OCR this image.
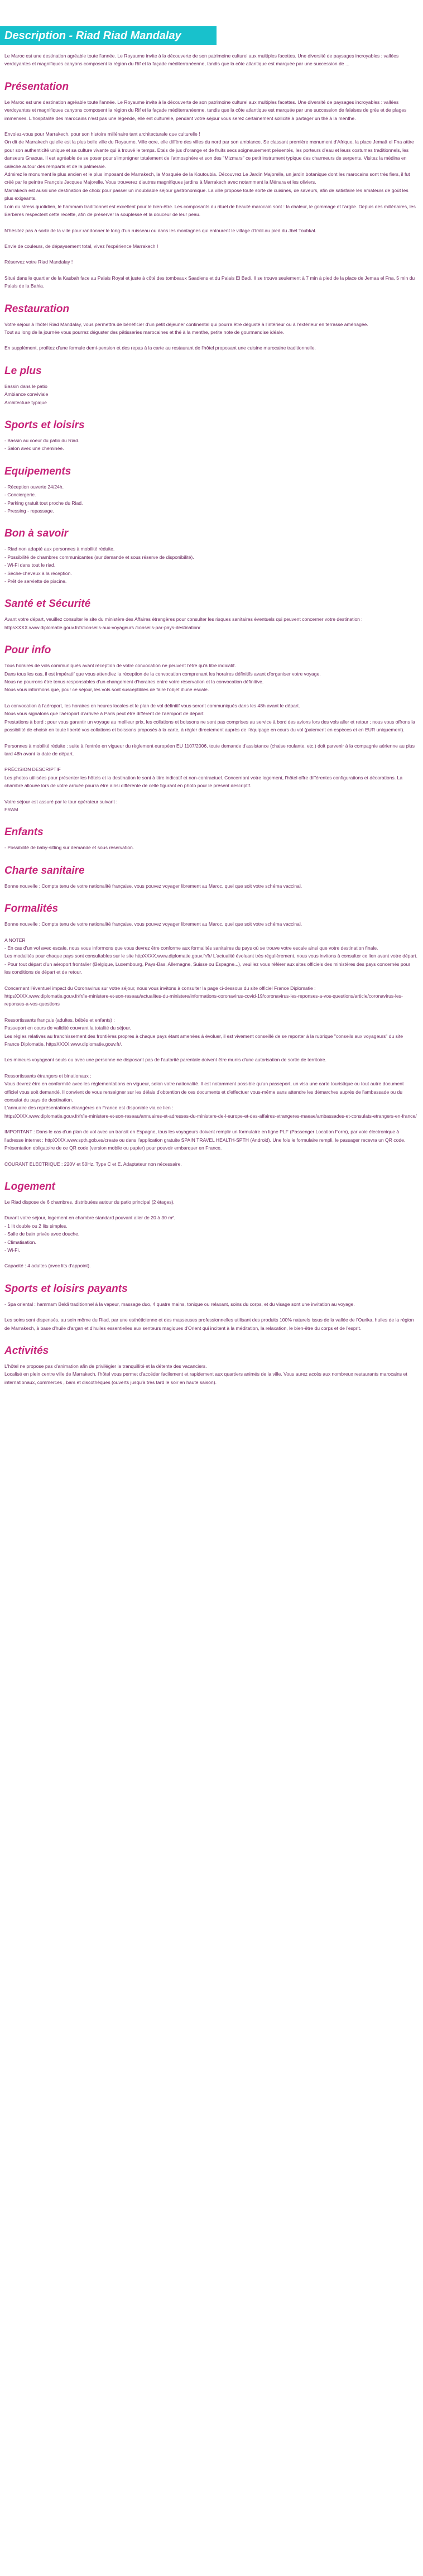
Description - Riad Riad Mandalay

Le Maroc est une destination agréable toute l'année. Le Royaume invite à la découverte de son patrimoine culturel aux multiples facettes. Une diversité de paysages incroyables : vallées verdoyantes et magnifiques canyons composent la région du Rif et la façade méditerranéenne, tandis que la côte atlantique est marquée par une succession de ...

Présentation

Le Maroc est une destination agréable toute l'année. Le Royaume invite à la découverte de son patrimoine culturel aux multiples facettes. Une diversité de paysages incroyables : vallées verdoyantes et magnifiques canyons composent la région du Rif et la façade méditerranéenne, tandis que la côte atlantique est marquée par une succession de falaises de grès et de plages immenses. L'hospitalité des marocains n'est pas une légende, elle est culturelle, pendant votre séjour vous serez certainement sollicité à partager un thé à la menthe.

Envolez-vous pour Marrakech, pour son histoire millénaire tant architecturale que culturelle !
On dit de Marrakech qu'elle est la plus belle ville du Royaume. Ville ocre, elle diffère des villes du nord par son ambiance. Se classant première monument d'Afrique, la place Jemaâ el Fna attire pour son authenticité unique et sa culture vivante qui à trouvé le temps. Etals de jus d'orange et de fruits secs soigneusement présentés, les porteurs d'eau et leurs costumes traditionnels, les danseurs Gnaoua. Il est agréable de se poser pour s'imprégner totalement de l'atmosphère et son des "Mizmars" ce petit instrument typique des charmeurs de serpents. Visitez la médina en calèche autour des remparts et de la palmeraie.
Admirez le monument le plus ancien et le plus imposant de Marrakech, la Mosquée de la Koutoubia. Découvrez Le Jardin Majorelle, un jardin botanique dont les marocains sont très fiers, il fut créé par le peintre François Jacques Majorelle. Vous trouverez d'autres magnifiques jardins à Marrakech avec notamment la Ménara et les oliviers.
Marrakech est aussi une destination de choix pour passer un inoubliable séjour gastronomique. La ville propose toute sorte de cuisines, de saveurs, afin de satisfaire les amateurs de goût les plus exigeants.
Loin du stress quotidien, le hammam traditionnel est excellent pour le bien-être. Les composants du rituel de beauté marocain sont : la chaleur, le gommage et l'argile. Depuis des millénaires, les Berbères respectent cette recette, afin de préserver la souplesse et la douceur de leur peau.

N'hésitez pas à sortir de la ville pour randonner le long d'un ruisseau ou dans les montagnes qui entourent le village d'Imlil au pied du Jbel Toubkal.

Envie de couleurs, de dépaysement total, vivez l'expérience Marrakech !

Réservez votre Riad Mandalay !

Situé dans le quartier de la Kasbah face au Palais Royal et juste à côté des tombeaux Saadiens et du Palais El Badi. Il se trouve seulement à 7 min à pied de la place de Jemaa el Fna, 5 min du Palais de la Bahia.

Restauration

Votre séjour à l'hôtel Riad Mandalay, vous permettra de bénéficier d'un petit déjeuner continental qui pourra être dégusté à l'intérieur ou à l'extérieur en terrasse aménagée.
Tout au long de la journée vous pourrez déguster des pâtisseries marocaines et thé à la menthe, petite note de gourmandise idéale.

En supplément, profitez d'une formule demi-pension et des repas à la carte au restaurant de l'hôtel proposant une cuisine marocaine traditionnelle.

Le plus

Bassin dans le patio
Ambiance conviviale
Architecture typique

Sports et loisirs

- Bassin au coeur du patio du Riad.
- Salon avec une cheminée.

Equipements

- Réception ouverte 24/24h.
- Conciergerie.
- Parking gratuit tout proche du Riad.
- Pressing - repassage.

Bon à savoir

- Riad non adapté aux personnes à mobilité réduite.
- Possibilité de chambres communicantes (sur demande et sous réserve de disponibilité).
- Wi-Fi dans tout le riad.
- Sèche-cheveux à la réception.
- Prêt de serviette de piscine.

Santé et Sécurité

Avant votre départ, veuillez consulter le site du ministère des Affaires étrangères pour consulter les risques sanitaires éventuels qui peuvent concerner votre destination : httpsXXXX.www.diplomatie.gouv.fr/fr/conseils-aux-voyageurs /conseils-par-pays-destination/

Pour info

Tous horaires de vols communiqués avant réception de votre convocation ne peuvent l'être qu'à titre indicatif.
Dans tous les cas, il est impératif que vous attendiez la réception de la convocation comprenant les horaires définitifs avant d'organiser votre voyage.
Nous ne pourrons être tenus responsables d'un changement d'horaires entre votre réservation et la convocation définitive.
Nous vous informons que, pour ce séjour, les vols sont susceptibles de faire l'objet d'une escale.

La convocation à l'aéroport, les horaires en heures locales et le plan de vol définitif vous seront communiqués dans les 48h avant le départ.
Nous vous signalons que l'aéroport d'arrivée à Paris peut être différent de l'aéroport de départ.
Prestations à bord : pour vous garantir un voyage au meilleur prix, les collations et boissons ne sont pas comprises au service à bord des avions lors des vols aller et retour ; nous vous offrons la possibilité de choisir en toute liberté vos collations et boissons proposés à la carte, à régler directement auprès de l'équipage en cours du vol (paiement en espèces et en EUR uniquement).

Personnes à mobilité réduite : suite à l'entrée en vigueur du règlement européen EU 1107/2006, toute demande d'assistance (chaise roulante, etc.) doit parvenir à la compagnie aérienne au plus tard 48h avant la date de départ.

PRÉCISION DESCRIPTIF
Les photos utilisées pour présenter les hôtels et la destination le sont à titre indicatif et non-contractuel. Concernant votre logement, l'hôtel offre différentes configurations et décorations. La chambre allouée lors de votre arrivée pourra être ainsi différente de celle figurant en photo pour le présent descriptif.

Votre séjour est assuré par le tour opérateur suivant :
FRAM

Enfants

- Possibilité de baby-sitting sur demande et sous réservation.

Charte sanitaire

Bonne nouvelle : Compte tenu de votre nationalité française, vous pouvez voyager librement au Maroc, quel que soit votre schéma vaccinal.

Formalités

Bonne nouvelle : Compte tenu de votre nationalité française, vous pouvez voyager librement au Maroc, quel que soit votre schéma vaccinal.

A NOTER
- En cas d'un vol avec escale, nous vous informons que vous devrez être conforme aux formalités sanitaires du pays où se trouve votre escale ainsi que votre destination finale.
Les modalités pour chaque pays sont consultables sur le site httpXXXX.www.diplomatie.gouv.fr/fr/ L'actualité évoluant très régulièrement, nous vous invitons à consulter ce lien avant votre départ.
- Pour tout départ d'un aéroport frontalier (Belgique, Luxembourg, Pays-Bas, Allemagne, Suisse ou Espagne...), veuillez vous référer aux sites officiels des ministères des pays concernés pour les conditions de départ et de retour.

Concernant l'éventuel impact du Coronavirus sur votre séjour, nous vous invitons à consulter la page ci-dessous du site officiel France Diplomatie :
httpsXXXX.www.diplomatie.gouv.fr/fr/le-ministere-et-son-reseau/actualites-du-ministere/informations-coronavirus-covid-19/coronavirus-les-reponses-a-vos-questions/article/coronavirus-les-reponses-a-vos-questions

Ressortissants français (adultes, bébés et enfants) :
Passeport en cours de validité couvrant la totalité du séjour.
Les règles relatives au franchissement des frontières propres à chaque pays étant amenées à évoluer, il est vivement conseillé de se reporter à la rubrique "conseils aux voyageurs" du site France Diplomatie, httpsXXXX.www.diplomatie.gouv.fr/.

Les mineurs voyageant seuls ou avec une personne ne disposant pas de l'autorité parentale doivent être munis d'une autorisation de sortie de territoire.

Ressortissants étrangers et binationaux :
Vous devrez être en conformité avec les réglementations en vigueur, selon votre nationalité. Il est notamment possible qu'un passeport, un visa une carte touristique ou tout autre document officiel vous soit demandé. Il convient de vous renseigner sur les délais d'obtention de ces documents et d'effectuer vous-même sans attendre les démarches auprès de l'ambassade ou du consulat du pays de destination.
L'annuaire des représentations étrangères en France est disponible via ce lien :
httpsXXXX.www.diplomatie.gouv.fr/fr/le-ministere-et-son-reseau/annuaires-et-adresses-du-ministere-de-l-europe-et-des-affaires-etrangeres-maeae/ambassades-et-consulats-etrangers-en-france/

IMPORTANT : Dans le cas d'un plan de vol avec un transit en Espagne, tous les voyageurs doivent remplir un formulaire en ligne PLF (Passenger Location Form), par voie électronique à l'adresse internet : httpXXXX.www.spth.gob.es/create ou dans l'application gratuite SPAIN TRAVEL HEALTH-SPTH (Android). Une fois le formulaire rempli, le passager recevra un QR code. Présentation obligatoire de ce QR code (version mobile ou papier) pour pouvoir embarquer en France.

COURANT ELECTRIQUE : 220V et 50Hz. Type C et E. Adaptateur non nécessaire.

Logement

Le Riad dispose de 6 chambres, distribuées autour du patio principal (2 étages).

Durant votre séjour, logement en chambre standard pouvant aller de 20 à 30 m².
- 1 lit double ou 2 lits simples.
- Salle de bain privée avec douche.
- Climatisation.
- Wi-Fi.

Capacité : 4 adultes (avec lits d'appoint).

Sports et loisirs payants

- Spa oriental : hammam Beldi traditionnel à la vapeur, massage duo, 4 quatre mains, tonique ou relaxant, soins du corps, et du visage sont une invitation au voyage.

Les soins sont dispensés, au sein même du Riad, par une esthéticienne et des masseuses professionnelles utilisant des produits 100% naturels issus de la vallée de l'Ourika, huiles de la région de Marrakech, à base d'huile d'argan et d'huiles essentielles aux senteurs magiques d'Orient qui incitent à la méditation, la relaxation, le bien-être du corps et de l'esprit.

Activités

L'hôtel ne propose pas d'animation afin de privilégier la tranquillité et la détente des vacanciers.
Localisé en plein centre ville de Marrakech, l'hôtel vous permet d'accéder facilement et rapidement aux quartiers animés de la ville. Vous aurez accès aux nombreux restaurants marocains et internationaux, commerces , bars et discothèques (ouverts jusqu'à très tard le soir en haute saison).
